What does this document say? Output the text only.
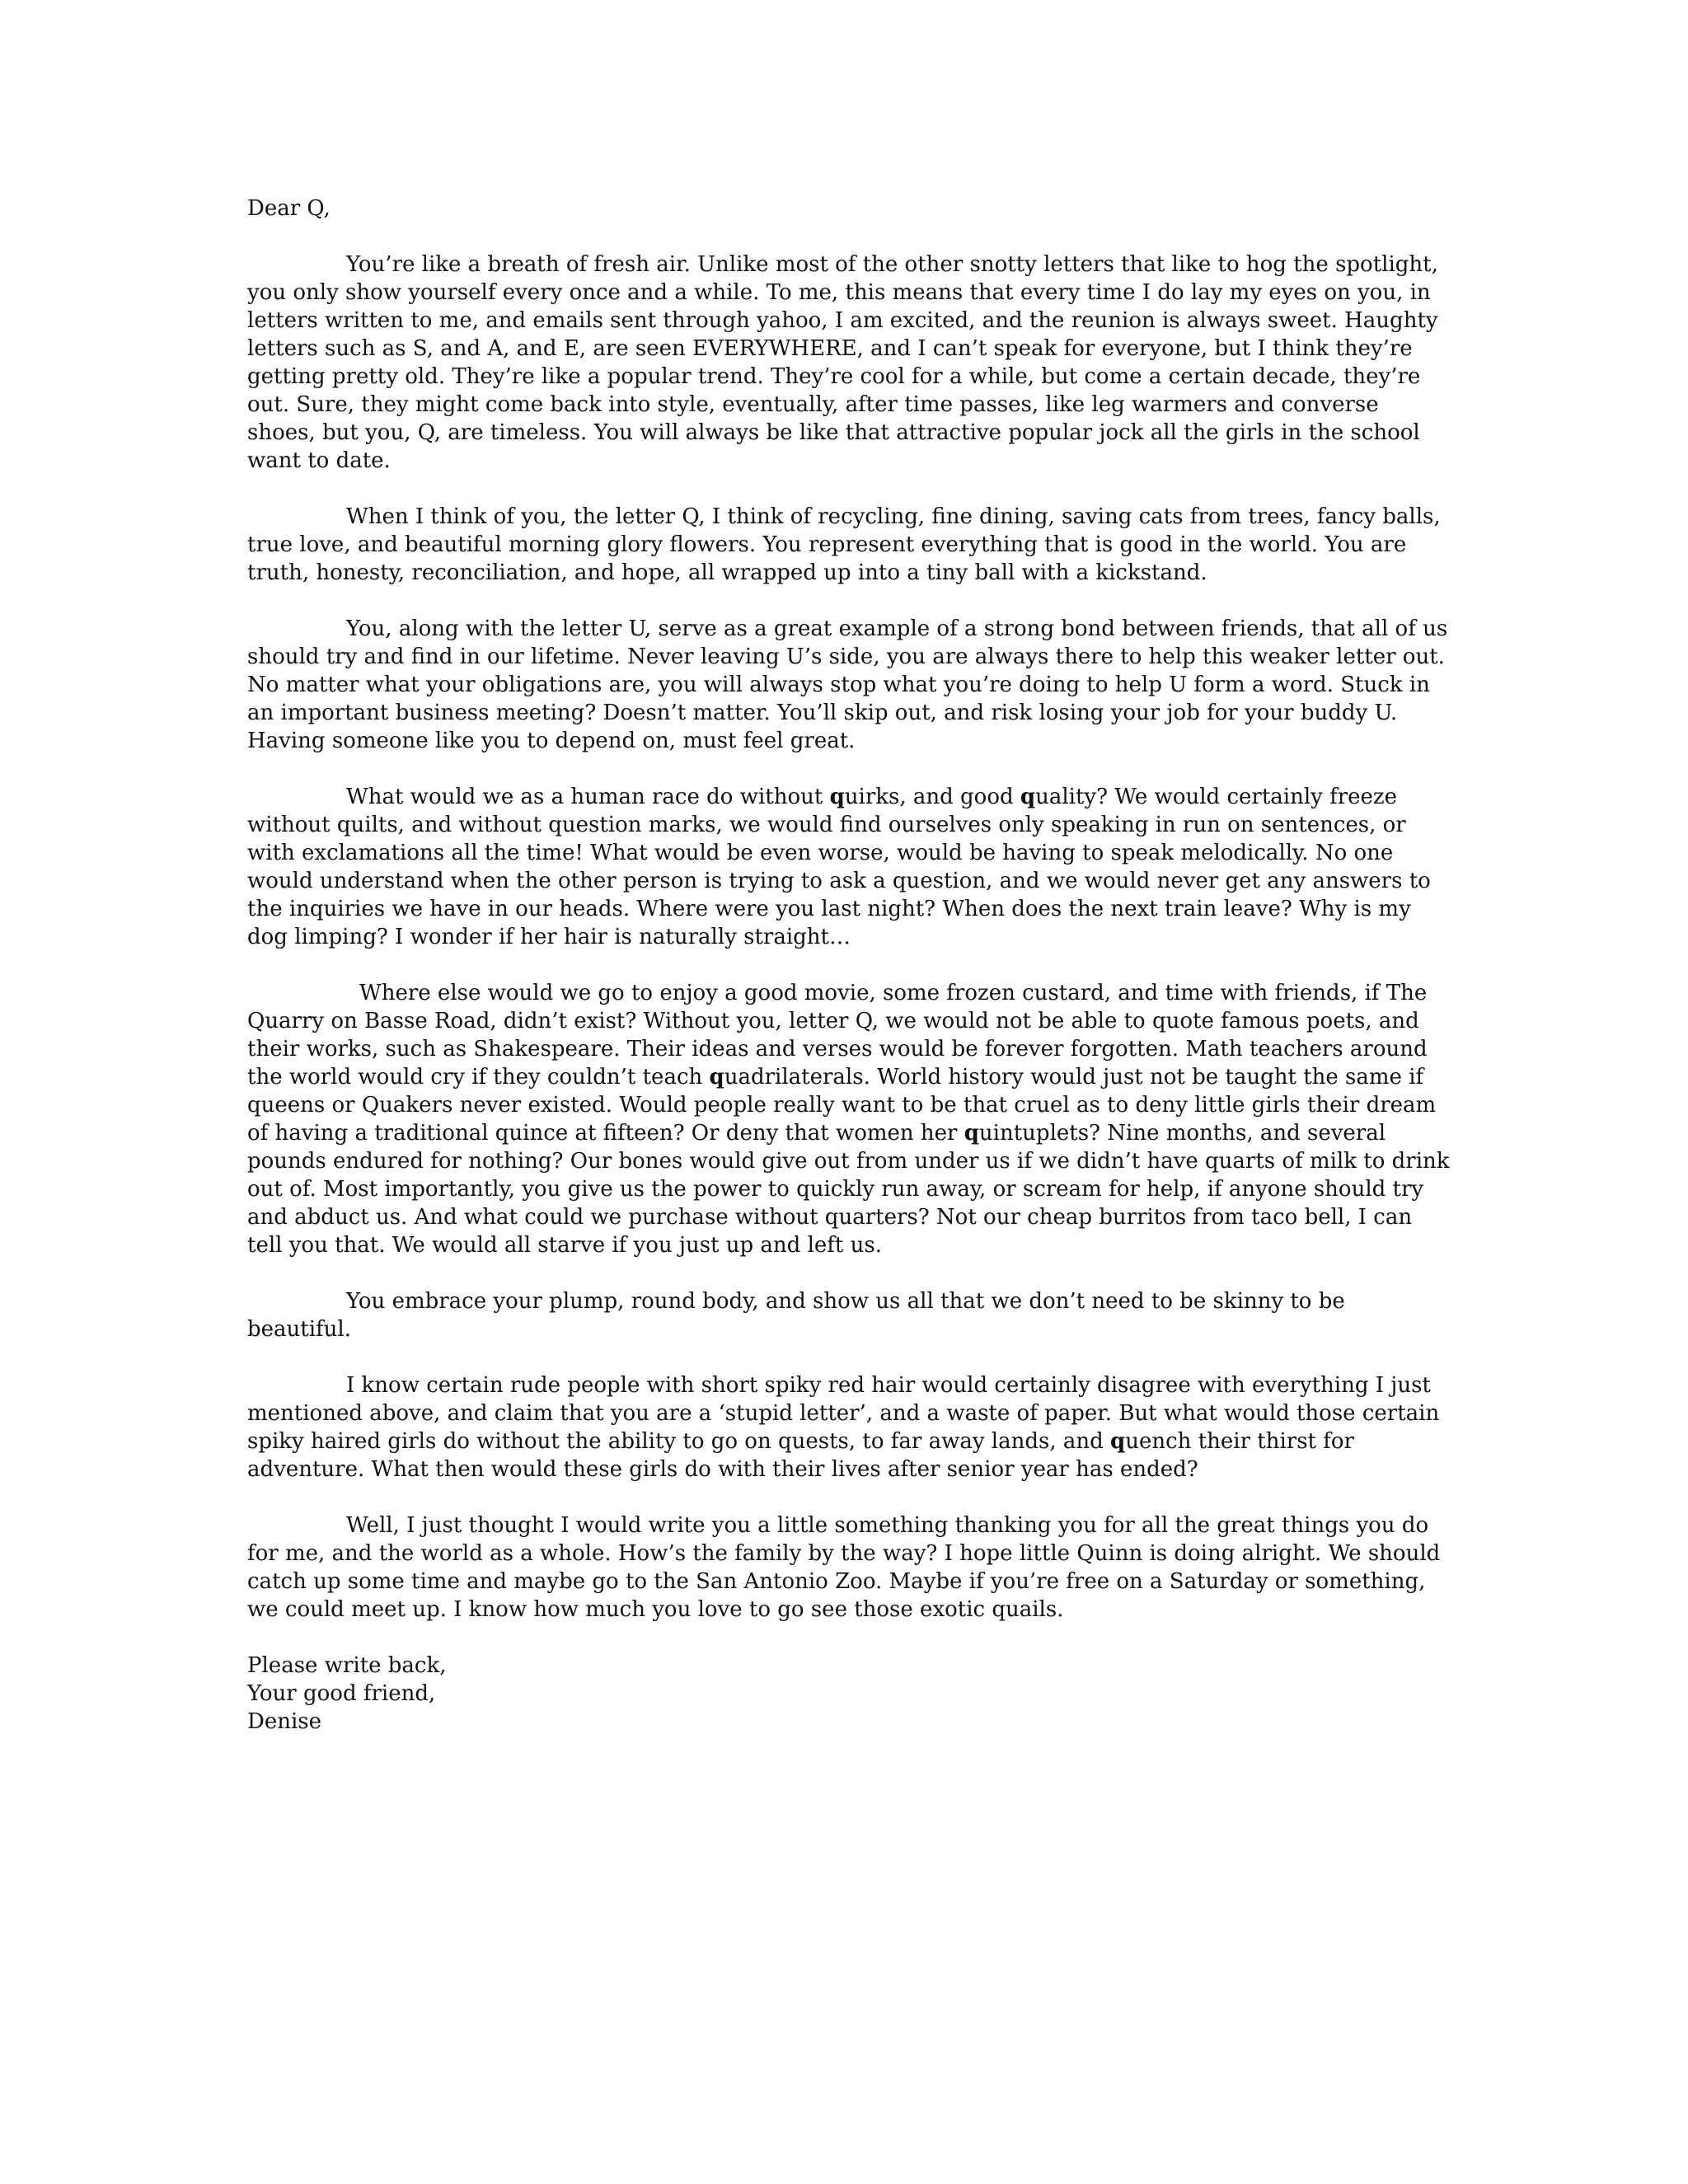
Dear Q,

You’re like a breath of fresh air. Unlike most of the other snotty letters that like to hog the spotlight, you only show yourself every once and a while. To me, this means that every time I do lay my eyes on you, in letters written to me, and emails sent through yahoo, I am excited, and the reunion is always sweet. Haughty letters such as S, and A, and E, are seen EVERYWHERE, and I can’t speak for everyone, but I think they’re getting pretty old. They’re like a popular trend. They’re cool for a while, but come a certain decade, they’re out. Sure, they might come back into style, eventually, after time passes, like leg warmers and converse shoes, but you, Q, are timeless. You will always be like that attractive popular jock all the girls in the school want to date.

When I think of you, the letter Q, I think of recycling, fine dining, saving cats from trees, fancy balls, true love, and beautiful morning glory flowers. You represent everything that is good in the world. You are truth, honesty, reconciliation, and hope, all wrapped up into a tiny ball with a kickstand.

You, along with the letter U, serve as a great example of a strong bond between friends, that all of us should try and find in our lifetime. Never leaving U’s side, you are always there to help this weaker letter out. No matter what your obligations are, you will always stop what you’re doing to help U form a word. Stuck in an important business meeting? Doesn’t matter. You’ll skip out, and risk losing your job for your buddy U. Having someone like you to depend on, must feel great.

What would we as a human race do without quirks, and good quality? We would certainly freeze without quilts, and without question marks, we would find ourselves only speaking in run on sentences, or with exclamations all the time! What would be even worse, would be having to speak melodically. No one would understand when the other person is trying to ask a question, and we would never get any answers to the inquiries we have in our heads. Where were you last night? When does the next train leave? Why is my dog limping? I wonder if her hair is naturally straight…

Where else would we go to enjoy a good movie, some frozen custard, and time with friends, if The Quarry on Basse Road, didn’t exist? Without you, letter Q, we would not be able to quote famous poets, and their works, such as Shakespeare. Their ideas and verses would be forever forgotten. Math teachers around the world would cry if they couldn’t teach quadrilaterals. World history would just not be taught the same if queens or Quakers never existed. Would people really want to be that cruel as to deny little girls their dream of having a traditional quince at fifteen? Or deny that women her quintuplets? Nine months, and several pounds endured for nothing? Our bones would give out from under us if we didn’t have quarts of milk to drink out of. Most importantly, you give us the power to quickly run away, or scream for help, if anyone should try and abduct us. And what could we purchase without quarters? Not our cheap burritos from taco bell, I can tell you that. We would all starve if you just up and left us.

You embrace your plump, round body, and show us all that we don’t need to be skinny to be beautiful.

I know certain rude people with short spiky red hair would certainly disagree with everything I just mentioned above, and claim that you are a ‘stupid letter’, and a waste of paper. But what would those certain spiky haired girls do without the ability to go on quests, to far away lands, and quench their thirst for adventure. What then would these girls do with their lives after senior year has ended?

Well, I just thought I would write you a little something thanking you for all the great things you do for me, and the world as a whole. How’s the family by the way? I hope little Quinn is doing alright. We should catch up some time and maybe go to the San Antonio Zoo. Maybe if you’re free on a Saturday or something, we could meet up. I know how much you love to go see those exotic quails.

Please write back,

Your good friend,

Denise
